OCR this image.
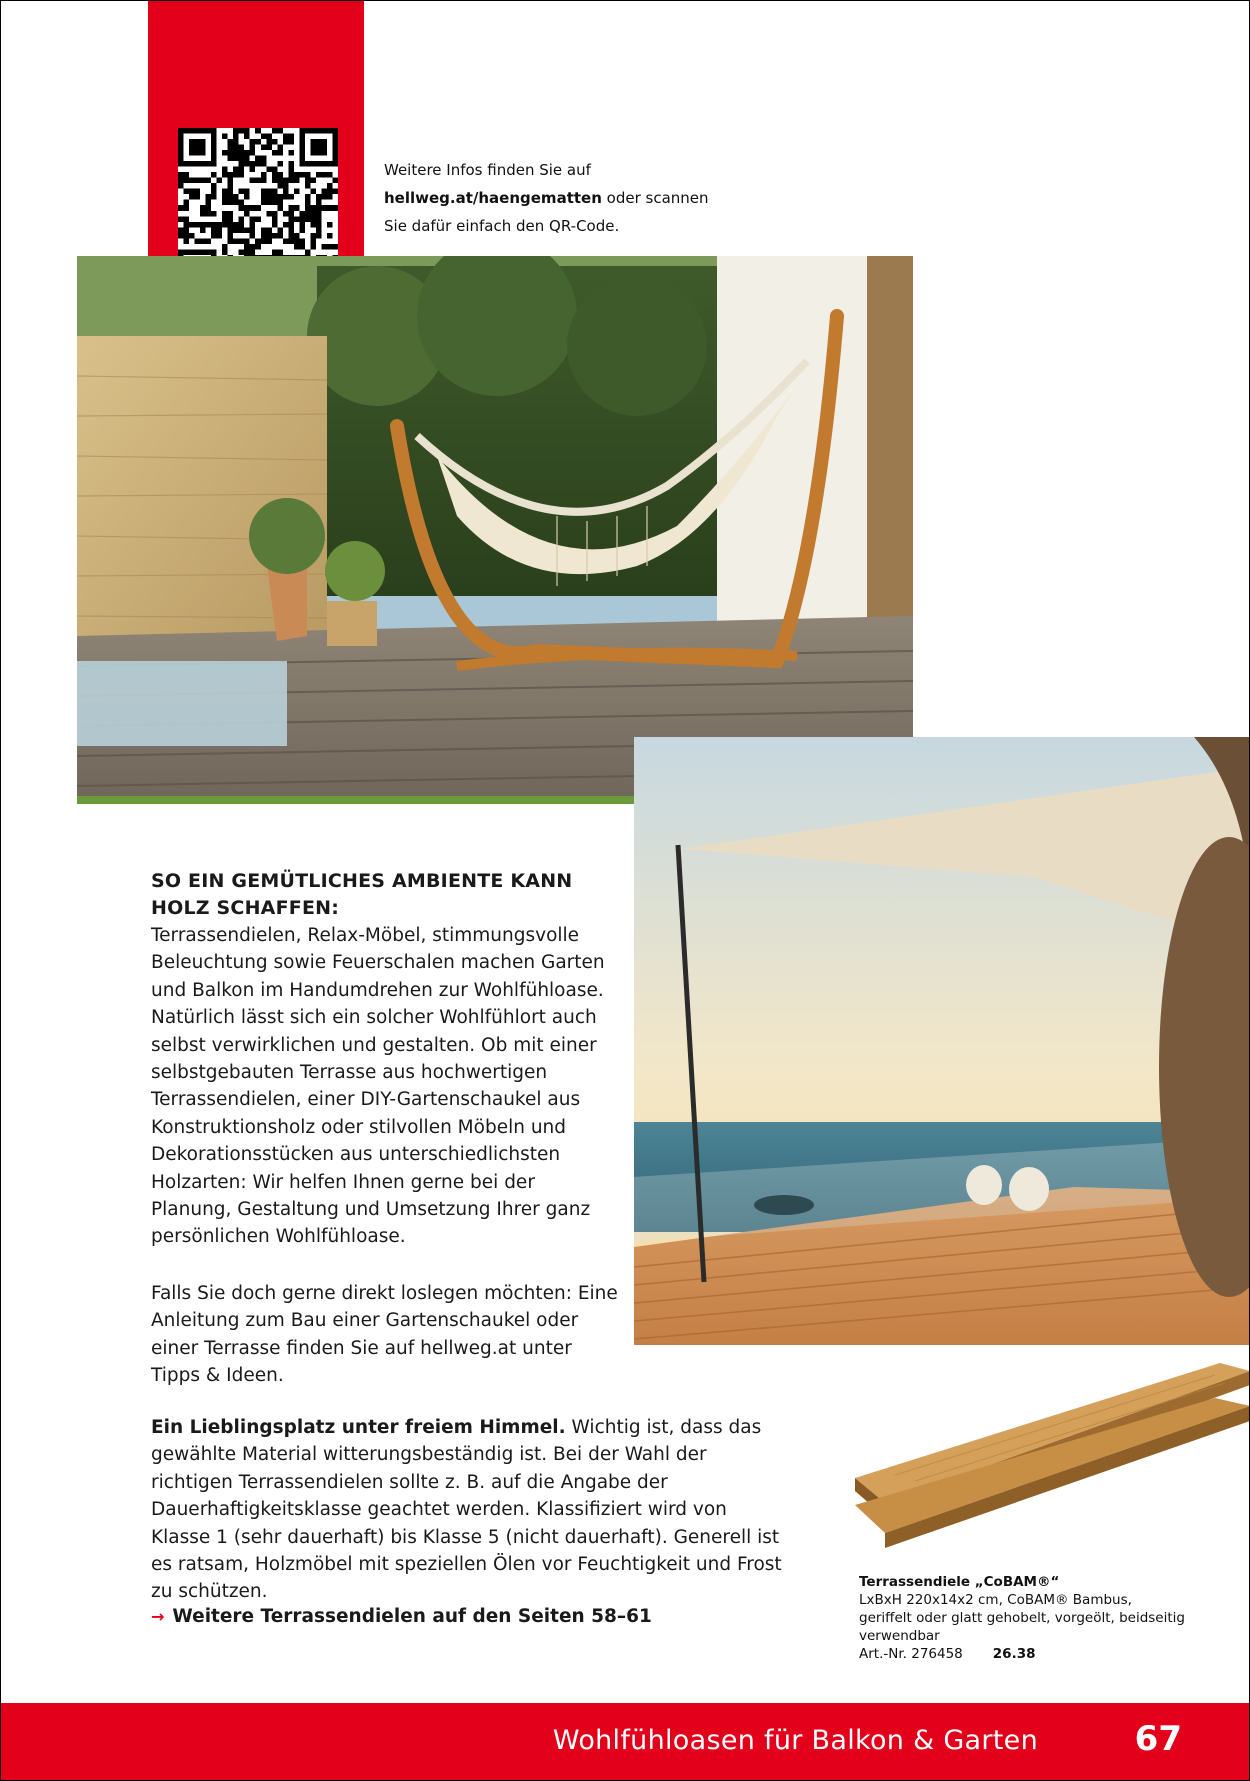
Weitere Infos finden Sie auf
hellweg.at/haengematten oder scannen
Sie dafür einfach den QR-Code.
SO EIN GEMÜTLICHES AMBIENTE KANN
HOLZ SCHAFFEN:
Terrassendielen, Relax-Möbel, stimmungsvolle Beleuchtung sowie Feuerschalen machen Garten und Balkon im Handumdrehen zur Wohlfühloase. Natürlich lässt sich ein solcher Wohlfühlort auch selbst verwirklichen und gestalten. Ob mit einer selbstgebauten Terrasse aus hochwertigen Terrassendielen, einer DIY-Gartenschaukel aus Konstruktionsholz oder stilvollen Möbeln und Dekorationsstücken aus unterschiedlichsten Holzarten: Wir helfen Ihnen gerne bei der Planung, Gestaltung und Umsetzung Ihrer ganz persönlichen Wohlfühloase.
Falls Sie doch gerne direkt loslegen möchten: Eine Anleitung zum Bau einer Gartenschaukel oder einer Terrasse finden Sie auf hellweg.at unter Tipps & Ideen.
Ein Lieblingsplatz unter freiem Himmel. Wichtig ist, dass das gewählte Material witterungsbeständig ist. Bei der Wahl der richtigen Terrassendielen sollte z. B. auf die Angabe der Dauerhaftigkeitsklasse geachtet werden. Klassifiziert wird von Klasse 1 (sehr dauerhaft) bis Klasse 5 (nicht dauerhaft). Generell ist es ratsam, Holzmöbel mit speziellen Ölen vor Feuchtigkeit und Frost zu schützen.
→ Weitere Terrassendielen auf den Seiten 58–61
Terrassendiele „CoBAM®“
LxBxH 220x14x2 cm, CoBAM® Bambus, geriffelt oder glatt gehobelt, vorgeölt, beidseitig verwendbar
Art.-Nr. 276458 26.38
Wohlfühloasen für Balkon & Garten	67
